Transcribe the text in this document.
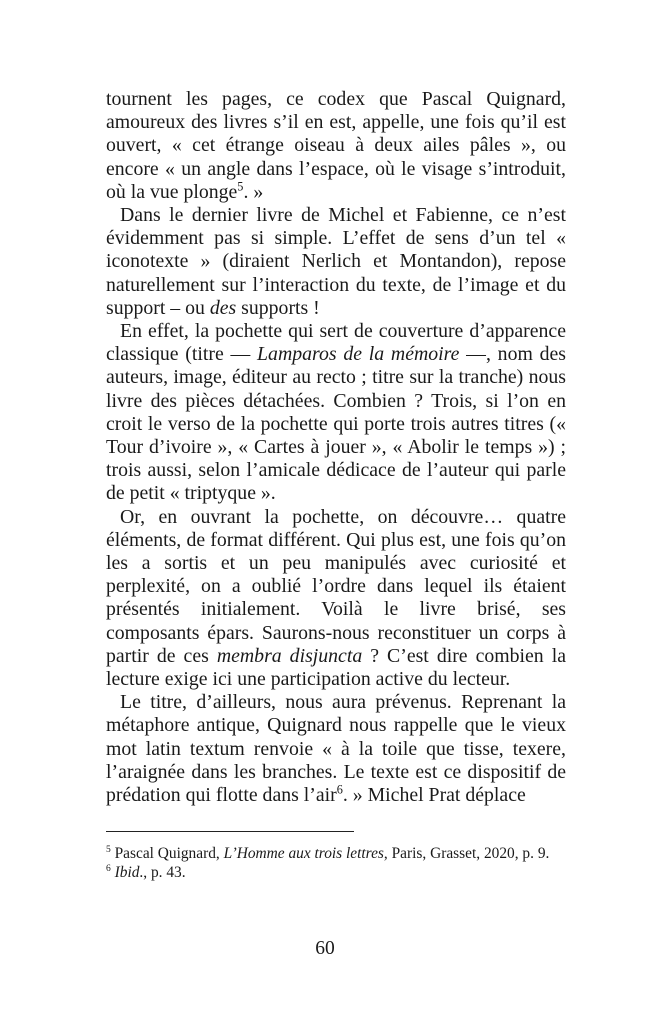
tournent les pages, ce codex que Pascal Quignard, amoureux des livres s’il en est, appelle, une fois qu’il est ouvert, « cet étrange oiseau à deux ailes pâles », ou encore « un angle dans l’espace, où le visage s’introduit, où la vue plonge$^5$. »

Dans le dernier livre de Michel et Fabienne, ce n’est évidemment pas si simple. L’effet de sens d’un tel « iconotexte » (diraient Nerlich et Montandon), repose naturellement sur l’interaction du texte, de l’image et du support – ou des supports !

En effet, la pochette qui sert de couverture d’apparence classique (titre — Lamparos de la mémoire —, nom des auteurs, image, éditeur au recto ; titre sur la tranche) nous livre des pièces détachées. Combien ? Trois, si l’on en croit le verso de la pochette qui porte trois autres titres (« Tour d’ivoire », « Cartes à jouer », « Abolir le temps ») ; trois aussi, selon l’amicale dédicace de l’auteur qui parle de petit « triptyque ».

Or, en ouvrant la pochette, on découvre… quatre éléments, de format différent. Qui plus est, une fois qu’on les a sortis et un peu manipulés avec curiosité et perplexité, on a oublié l’ordre dans lequel ils étaient présentés initialement. Voilà le livre brisé, ses composants épars. Saurons-nous reconstituer un corps à partir de ces membra disjuncta ? C’est dire combien la lecture exige ici une participation active du lecteur.

Le titre, d’ailleurs, nous aura prévenus. Reprenant la métaphore antique, Quignard nous rappelle que le vieux mot latin textum renvoie « à la toile que tisse, texere, l’araignée dans les branches. Le texte est ce dispositif de prédation qui flotte dans l’air$^6$. » Michel Prat déplace

$^5$ Pascal Quignard, L’Homme aux trois lettres, Paris, Grasset, 2020, p. 9.

$^6$ Ibid., p. 43.

60
